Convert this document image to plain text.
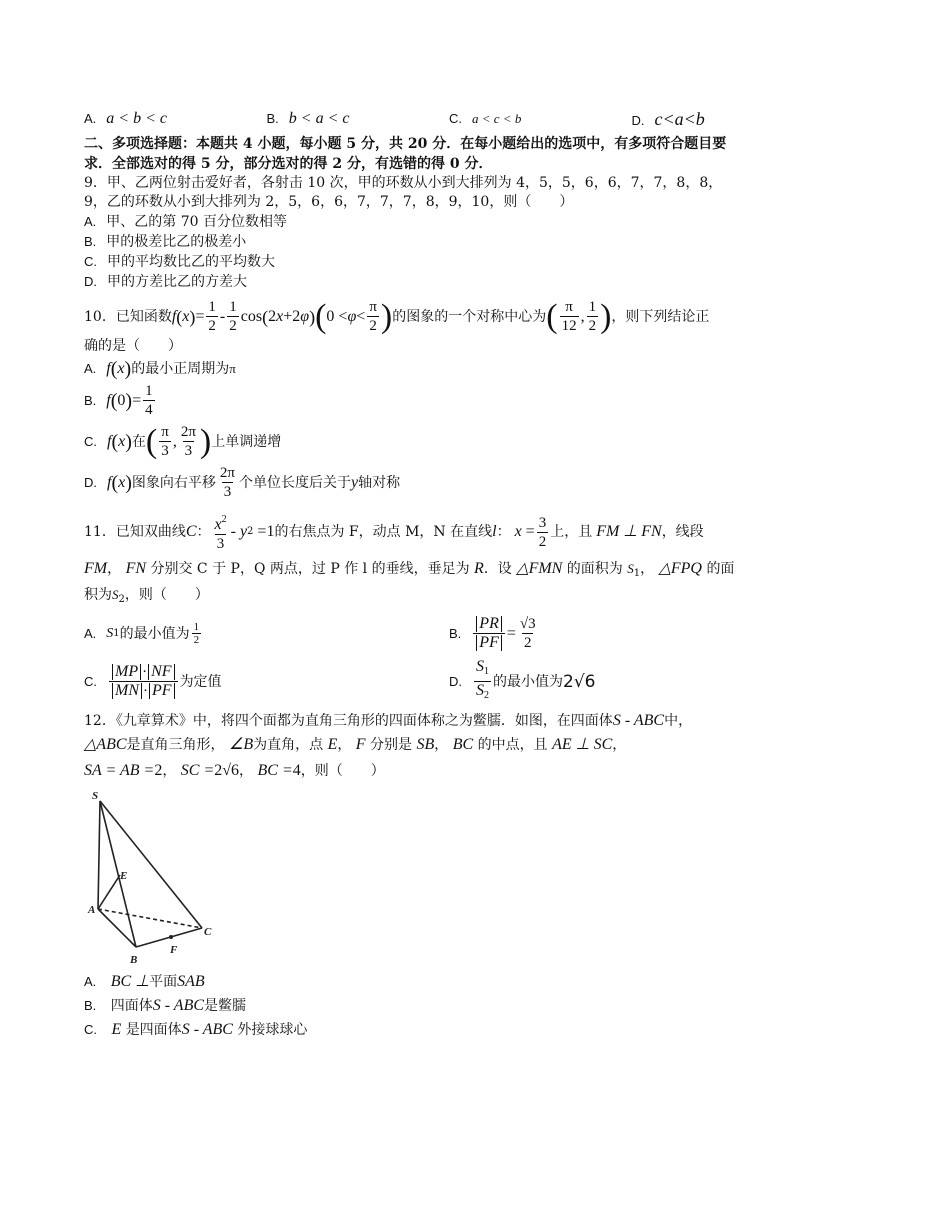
A. a < b < c	B. b < a < c	C. a < c < b	D. c<a<b
二、多项选择题：本题共 4 小题，每小题 5 分，共 20 分．在每小题给出的选项中，有多项符合题目要
求．全部选对的得 5 分，部分选对的得 2 分，有选错的得 0 分．
9．甲、乙两位射击爱好者，各射击 10 次，甲的环数从小到大排列为 4，5，5，6，6，7，7，8，8，
9，乙的环数从小到大排列为 2，5，6，6，7，7，7，8，9，10，则（　　）
A. 甲、乙的第 70 百分位数相等
B. 甲的极差比乙的极差小
C. 甲的平均数比乙的平均数大
D. 甲的方差比乙的方差大
10．已知函数 f ( x ) = $\frac{1}{2} - \frac{1}{2}$ cos ( 2 x +2 φ ) ( $0 < \varphi < \frac{\pi}{2}$ ) 的图象的一个对称中心为 ( $\frac{\pi}{12}$ , $\frac{1}{2}$ ) ，则下列结论正
确的是（　　）
A. f ( x ) 的最小正周期为 π
B. f ( 0 ) = $\frac{1}{4}$
C. f ( x ) 在 ( $\frac{\pi}{3}$ , $\frac{2\pi}{3}$ ) 上单调递增
D. f ( x ) 图象向右平移 $\frac{2\pi}{3}$ 个单位长度后关于 y 轴对称
11．已知双曲线 C ： $\frac{x^2}{3}$ - y 2 =1 的右焦点为 F，动点 M，N 在直线 l ： $x = \frac{3}{2}$ 上，且 FM ⊥ FN ，线段
FM， FN 分别交 C 于 P，Q 两点，过 P 作 l 的垂线，垂足为 R．设 △FMN 的面积为 $S_1$， △FPQ 的面
积为$S_2$，则（　　）
A. S 1 的最小值为 $\frac{1}{2}$	B. $\frac{PR}{PF} = \frac{√3}{2}$
C. $\frac{MP \cdot NF}{MN \cdot PF}$ 为定值	D. $\frac{S_1}{S_2}$ 的最小值为 2√6
12．《九章算术》中，将四个面都为直角三角形的四面体称之为鳖臑．如图，在四面体S - ABC中，
△ABC是直角三角形， ∠B为直角，点 E， F 分别是 SB， BC 的中点，且 AE ⊥ SC，
SA = AB =2， SC =2√6， BC =4，则（　　）
S
E
A
B
F
C
A. BC ⊥平面SAB
B. 四面体S - ABC是鳖臑
C. E 是四面体S - ABC 外接球球心
